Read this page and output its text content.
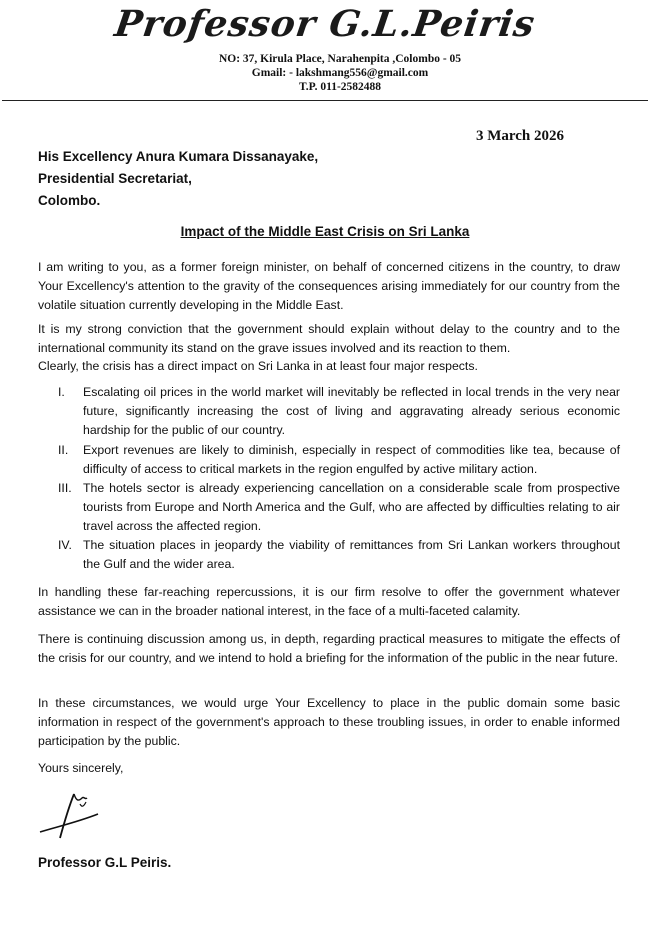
Professor G.L.Peiris
NO: 37, Kirula Place, Narahenpita ,Colombo - 05
Gmail: - lakshmang556@gmail.com
T.P. 011-2582488
3 March 2026
His Excellency Anura Kumara Dissanayake,
Presidential Secretariat,
Colombo.
Impact of the Middle East Crisis on Sri Lanka
I am writing to you, as a former foreign minister, on behalf of concerned citizens in the country, to draw Your Excellency's attention to the gravity of the consequences arising immediately for our country from the volatile situation currently developing in the Middle East.
It is my strong conviction that the government should explain without delay to the country and to the international community its stand on the grave issues involved and its reaction to them.
Clearly, the crisis has a direct impact on Sri Lanka in at least four major respects.
I.	Escalating oil prices in the world market will inevitably be reflected in local trends in the very near future, significantly increasing the cost of living and aggravating already serious economic hardship for the public of our country.
II.	Export revenues are likely to diminish, especially in respect of commodities like tea, because of difficulty of access to critical markets in the region engulfed by active military action.
III. The hotels sector is already experiencing cancellation on a considerable scale from prospective tourists from Europe and North America and the Gulf, who are affected by difficulties relating to air travel across the affected region.
IV. The situation places in jeopardy the viability of remittances from Sri Lankan workers throughout the Gulf and the wider area.
In handling these far-reaching repercussions, it is our firm resolve to offer the government whatever assistance we can in the broader national interest, in the face of a multi-faceted calamity.
There is continuing discussion among us, in depth, regarding practical measures to mitigate the effects of the crisis for our country, and we intend to hold a briefing for the information of the public in the near future.
In these circumstances, we would urge Your Excellency to place in the public domain some basic information in respect of the government's approach to these troubling issues, in order to enable informed participation by the public.
Yours sincerely,
Professor G.L Peiris.
